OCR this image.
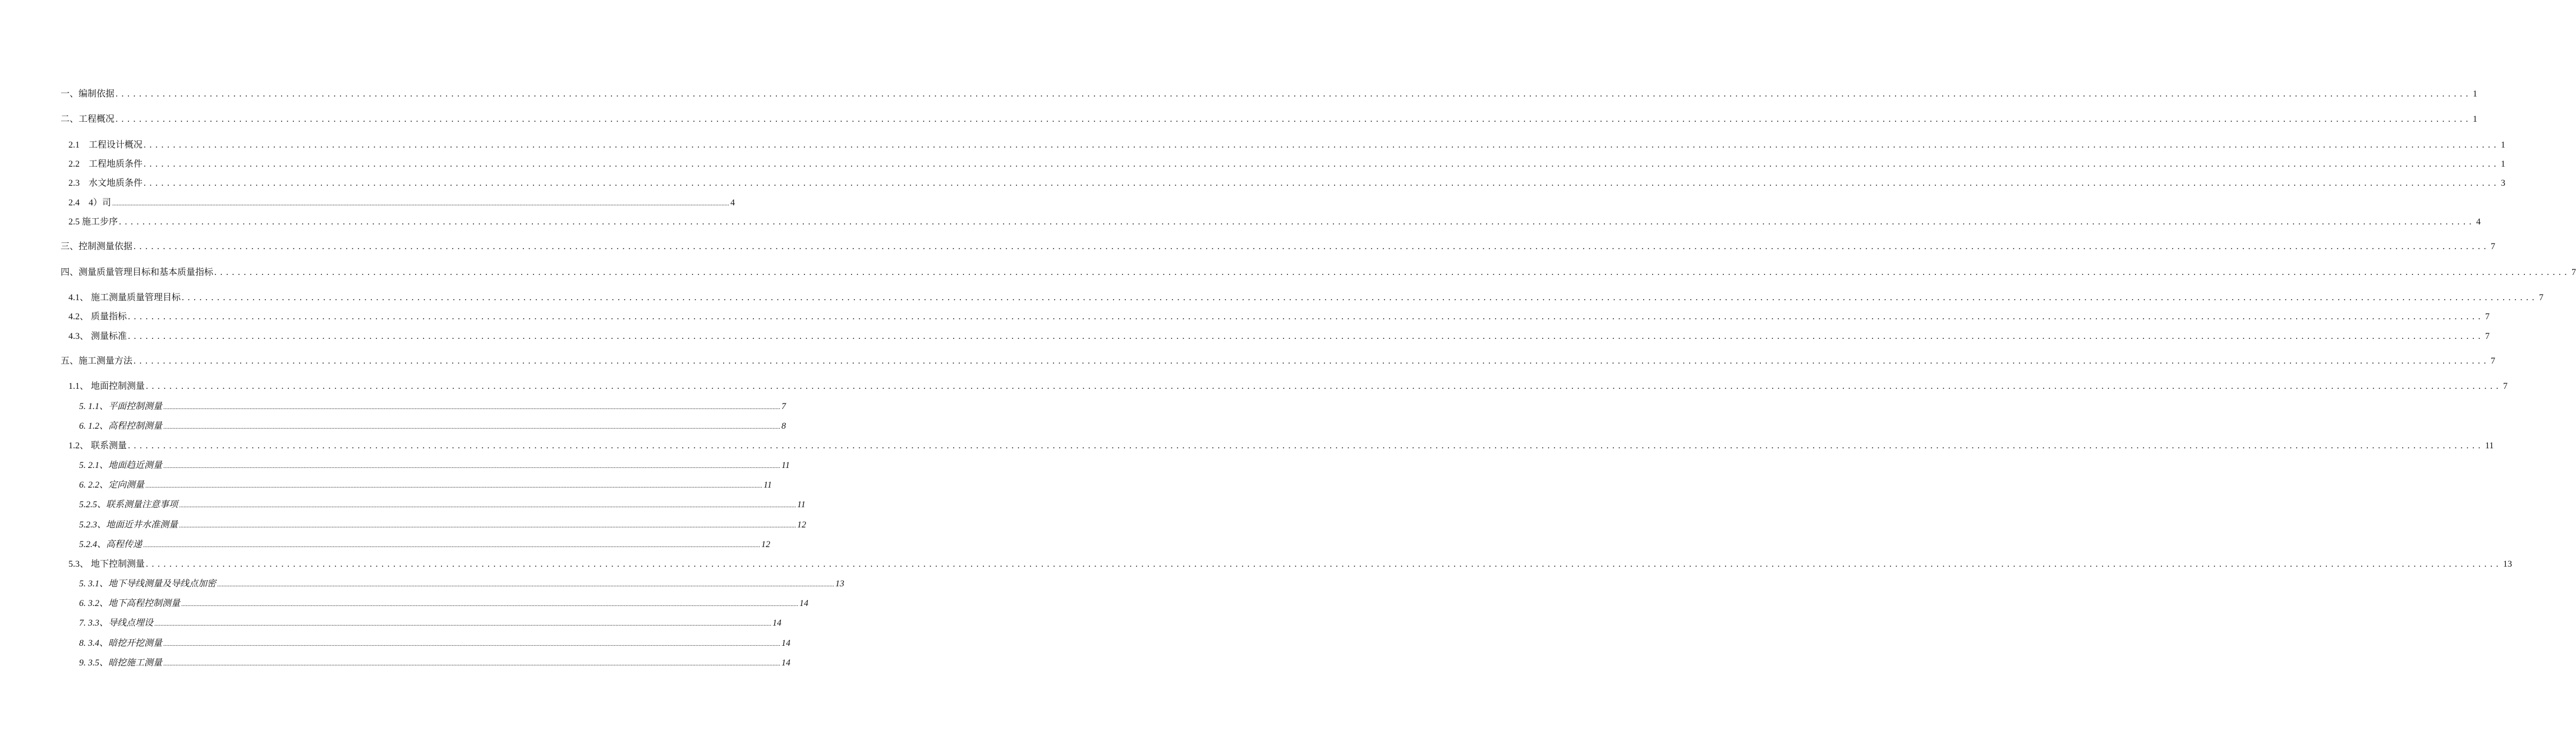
一、编制依据 ................................................................................................................................................................................................................................................................................................................................................................................................................ 1
二、工程概况 ................................................................................................................................................................................................................................................................................................................................................................................................................ 1
2.1　工程设计概况 ................................................................................................................................................................................................................................................................................................................................................................................................................ 1
2.2　工程地质条件 ................................................................................................................................................................................................................................................................................................................................................................................................................ 1
2.3　水文地质条件 ................................................................................................................................................................................................................................................................................................................................................................................................................ 3
2.4　4）司 ................................................................................................................................................................................................................................................................................................................................................................................................................ 4
2.5 施工步序 ................................................................................................................................................................................................................................................................................................................................................................................................................ 4
三、控制测量依据 ................................................................................................................................................................................................................................................................................................................................................................................................................ 7
四、测量质量管理目标和基本质量指标 ................................................................................................................................................................................................................................................................................................................................................................................................................ 7
4.1、 施工测量质量管理目标 ................................................................................................................................................................................................................................................................................................................................................................................................................ 7
4.2、 质量指标 ................................................................................................................................................................................................................................................................................................................................................................................................................ 7
4.3、 测量标准 ................................................................................................................................................................................................................................................................................................................................................................................................................ 7
五、施工测量方法 ................................................................................................................................................................................................................................................................................................................................................................................................................ 7
1.1、 地面控制测量 ................................................................................................................................................................................................................................................................................................................................................................................................................ 7
5. 1.1、平面控制测量 ................................................................................................................................................................................................................................................................................................................................................................................................................ 7
6. 1.2、高程控制测量 ................................................................................................................................................................................................................................................................................................................................................................................................................ 8
1.2、 联系测量 ................................................................................................................................................................................................................................................................................................................................................................................................................ 11
5. 2.1、地面趋近测量 ................................................................................................................................................................................................................................................................................................................................................................................................................ 11
6. 2.2、定向测量 ................................................................................................................................................................................................................................................................................................................................................................................................................ 11
5.2.5、联系测量注意事项 ................................................................................................................................................................................................................................................................................................................................................................................................................ 11
5.2.3、地面近井水准测量 ................................................................................................................................................................................................................................................................................................................................................................................................................ 12
5.2.4、高程传递 ................................................................................................................................................................................................................................................................................................................................................................................................................ 12
5.3、 地下控制测量 ................................................................................................................................................................................................................................................................................................................................................................................................................ 13
5. 3.1、地下导线测量及导线点加密 ................................................................................................................................................................................................................................................................................................................................................................................................................ 13
6. 3.2、地下高程控制测量 ................................................................................................................................................................................................................................................................................................................................................................................................................ 14
7. 3.3、导线点埋设 ................................................................................................................................................................................................................................................................................................................................................................................................................ 14
8. 3.4、暗挖开挖测量 ................................................................................................................................................................................................................................................................................................................................................................................................................ 14
9. 3.5、暗挖施工测量 ................................................................................................................................................................................................................................................................................................................................................................................................................ 14
